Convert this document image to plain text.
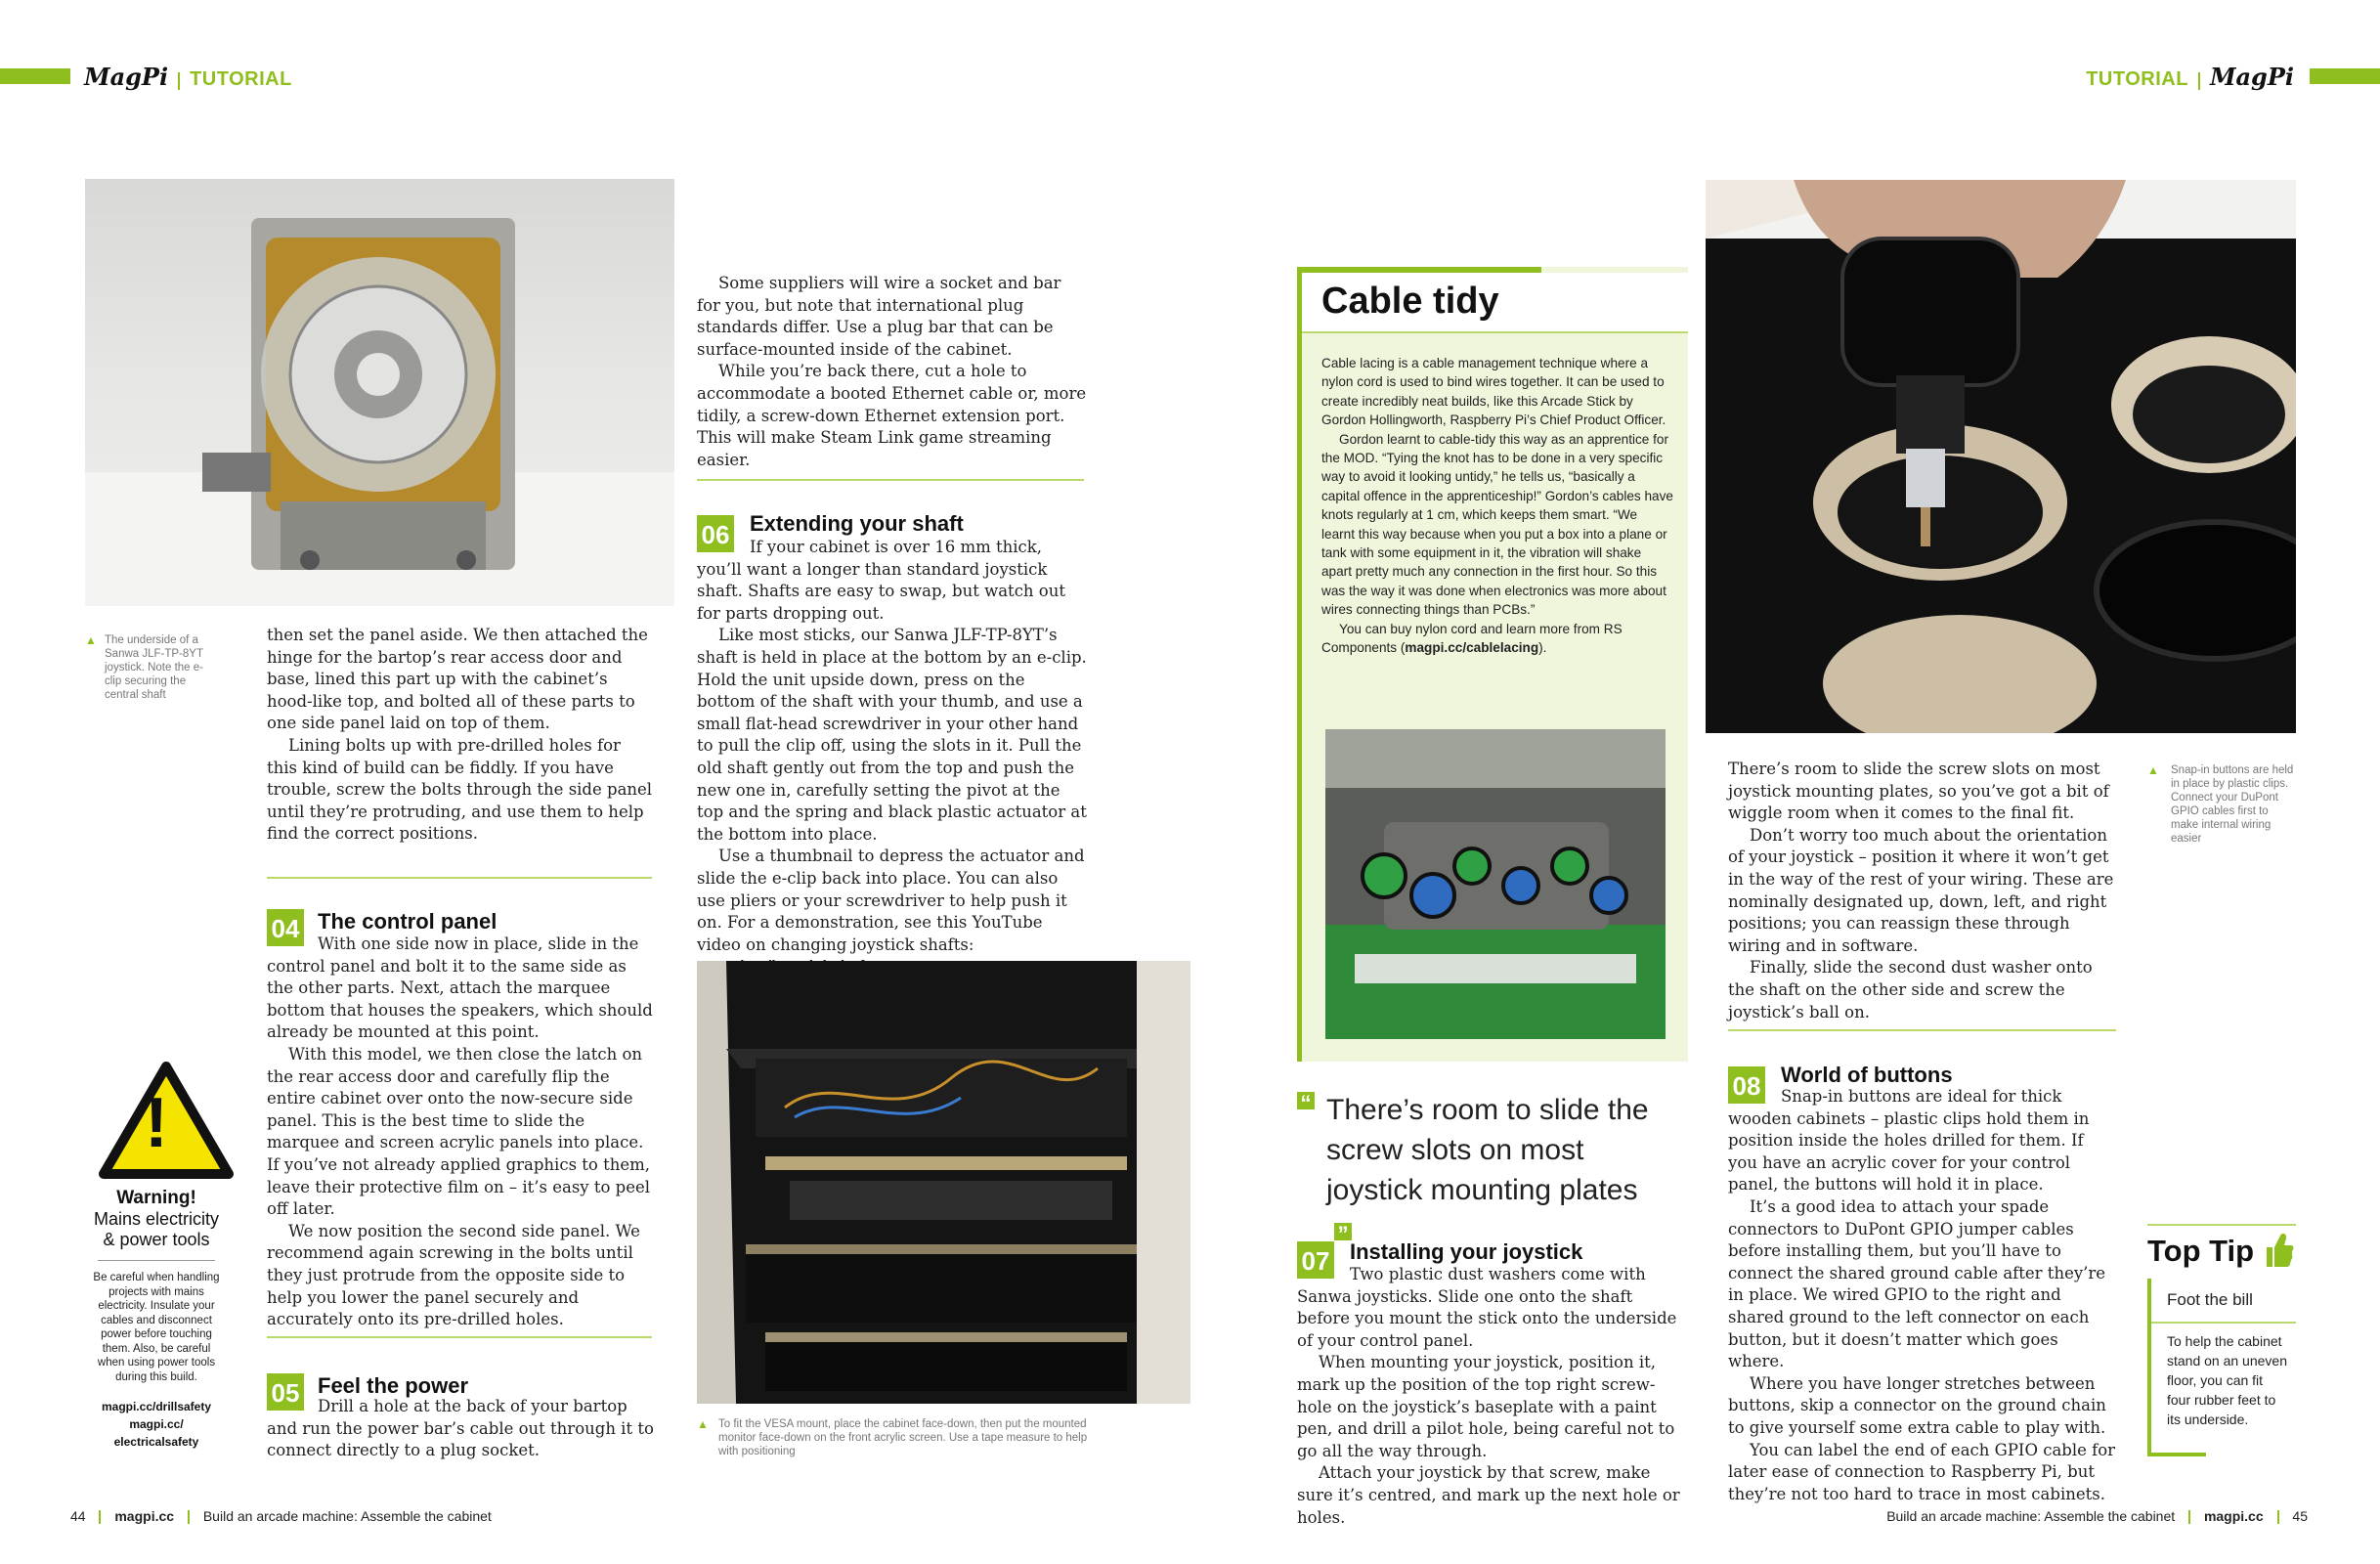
MagPi TUTORIAL	TUTORIAL MagPi
▲ The underside of a Sanwa JLF-TP-8YT joystick. Note the e-clip securing the central shaft

then set the panel aside. We then attached the hinge for the bartop’s rear access door and base, lined this part up with the cabinet’s hood-like top, and bolted all of these parts to one side panel laid on top of them.

Lining bolts up with pre-drilled holes for this kind of build can be fiddly. If you have trouble, screw the bolts through the side panel until they’re protruding, and use them to help find the correct positions.

04 The control panel

With one side now in place, slide in the control panel and bolt it to the same side as the other parts. Next, attach the marquee bottom that houses the speakers, which should already be mounted at this point.

With this model, we then close the latch on the rear access door and carefully flip the entire cabinet over onto the now-secure side panel. This is the best time to slide the marquee and screen acrylic panels into place. If you’ve not already applied graphics to them, leave their protective film on – it’s easy to peel off later.

We now position the second side panel. We recommend again screwing in the bolts until they just protrude from the opposite side to help you lower the panel securely and accurately onto its pre-drilled holes.

05 Feel the power

Drill a hole at the back of your bartop and run the power bar’s cable out through it to connect directly to a plug socket.

!
Warning!
Mains electricity
& power tools
Be careful when handling projects with mains electricity. Insulate your cables and disconnect power before touching them. Also, be careful when using power tools during this build.
magpi.cc/drillsafety
magpi.cc/
electricalsafety

Some suppliers will wire a socket and bar for you, but note that international plug standards differ. Use a plug bar that can be surface-mounted inside of the cabinet.

While you’re back there, cut a hole to accommodate a booted Ethernet cable or, more tidily, a screw-down Ethernet extension port. This will make Steam Link game streaming easier.

06 Extending your shaft

If your cabinet is over 16 mm thick, you’ll want a longer than standard joystick shaft. Shafts are easy to swap, but watch out for parts dropping out.

Like most sticks, our Sanwa JLF-TP-8YT’s shaft is held in place at the bottom by an e-clip. Hold the unit upside down, press on the bottom of the shaft with your thumb, and use a small flat-head screwdriver in your other hand to pull the clip off, using the slots in it. Pull the old shaft gently out from the top and push the new one in, carefully setting the pivot at the top and the spring and black plastic actuator at the bottom into place.

Use a thumbnail to depress the actuator and slide the e-clip back into place. You can also use pliers or your screwdriver to help push it on. For a demonstration, see this YouTube video on changing joystick shafts:

▲ To fit the VESA mount, place the cabinet face-down, then put the mounted monitor face-down on the front acrylic screen. Use a tape measure to help with positioning
Cable tidy

Cable lacing is a cable management technique where a nylon cord is used to bind wires together. It can be used to create incredibly neat builds, like this Arcade Stick by Gordon Hollingworth, Raspberry Pi’s Chief Product Officer.

Gordon learnt to cable-tidy this way as an apprentice for the MOD. “Tying the knot has to be done in a very specific way to avoid it looking untidy,” he tells us, “basically a capital offence in the apprenticeship!” Gordon’s cables have knots regularly at 1 cm, which keeps them smart. “We learnt this way because when you put a box into a plane or tank with some equipment in it, the vibration will shake apart pretty much any connection in the first hour. So this was the way it was done when electronics was more about wires connecting things than PCBs.”

You can buy nylon cord and learn more from RS Components (magpi.cc/cablelacing).

“ There’s room to slide the screw slots on most joystick mounting plates”
07 Installing your joystick

Two plastic dust washers come with Sanwa joysticks. Slide one onto the shaft before you mount the stick onto the underside of your control panel.

When mounting your joystick, position it, mark up the position of the top right screw-hole on the joystick’s baseplate with a paint pen, and drill a pilot hole, being careful not to go all the way through.

Attach your joystick by that screw, make sure it’s centred, and mark up the next hole or holes.

▲	Snap-in buttons are held in place by plastic clips. Connect your DuPont GPIO cables first to make internal wiring easier

There’s room to slide the screw slots on most joystick mounting plates, so you’ve got a bit of wiggle room when it comes to the final fit.

Don’t worry too much about the orientation of your joystick – position it where it won’t get in the way of the rest of your wiring. These are nominally designated up, down, left, and right positions; you can reassign these through wiring and in software.

Finally, slide the second dust washer onto the shaft on the other side and screw the joystick’s ball on.

08 World of buttons

Snap-in buttons are ideal for thick wooden cabinets – plastic clips hold them in position inside the holes drilled for them. If you have an acrylic cover for your control panel, the buttons will hold it in place.

It’s a good idea to attach your spade connectors to DuPont GPIO jumper cables before installing them, but you’ll have to connect the shared ground cable after they’re in place. We wired GPIO to the right and shared ground to the left connector on each button, but it doesn’t matter which goes where.

Where you have longer stretches between buttons, skip a connector on the ground chain to give yourself some extra cable to play with.

You can label the end of each GPIO cable for later ease of connection to Raspberry Pi, but they’re not too hard to trace in most cabinets.

Top Tip
Foot the bill
To help the cabinet stand on an uneven floor, you can fit four rubber feet to its underside.
44 magpi.cc Build an arcade machine: Assemble the cabinet	Build an arcade machine: Assemble the cabinet magpi.cc 45
